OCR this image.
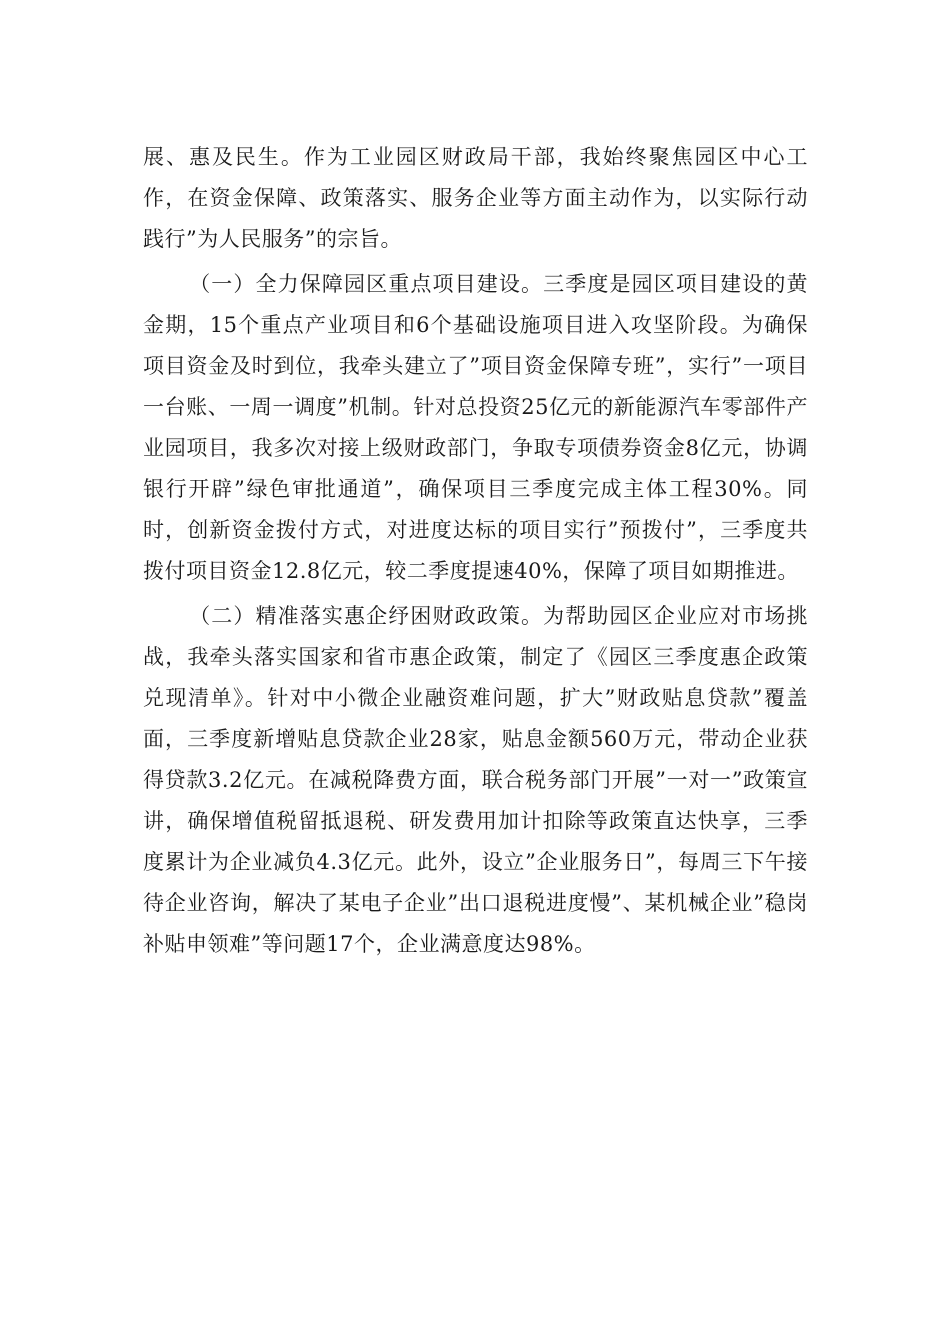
展、惠及民生。作为工业园区财政局干部，我始终聚焦园区中心工作，在资金保障、政策落实、服务企业等方面主动作为，以实际行动践行”为人民服务”的宗旨。

（一）全力保障园区重点项目建设。三季度是园区项目建设的黄金期，15个重点产业项目和6个基础设施项目进入攻坚阶段。为确保项目资金及时到位，我牵头建立了”项目资金保障专班”，实行”一项目一台账、一周一调度”机制。针对总投资25亿元的新能源汽车零部件产业园项目，我多次对接上级财政部门，争取专项债券资金8亿元，协调银行开辟”绿色审批通道”，确保项目三季度完成主体工程30%。同时，创新资金拨付方式，对进度达标的项目实行”预拨付”，三季度共拨付项目资金12.8亿元，较二季度提速40%，保障了项目如期推进。

（二）精准落实惠企纾困财政政策。为帮助园区企业应对市场挑战，我牵头落实国家和省市惠企政策，制定了《园区三季度惠企政策兑现清单》。针对中小微企业融资难问题，扩大”财政贴息贷款”覆盖面，三季度新增贴息贷款企业28家，贴息金额560万元，带动企业获得贷款3.2亿元。在减税降费方面，联合税务部门开展”一对一”政策宣讲，确保增值税留抵退税、研发费用加计扣除等政策直达快享，三季度累计为企业减负4.3亿元。此外，设立”企业服务日”，每周三下午接待企业咨询，解决了某电子企业”出口退税进度慢”、某机械企业”稳岗补贴申领难”等问题17个，企业满意度达98%。
